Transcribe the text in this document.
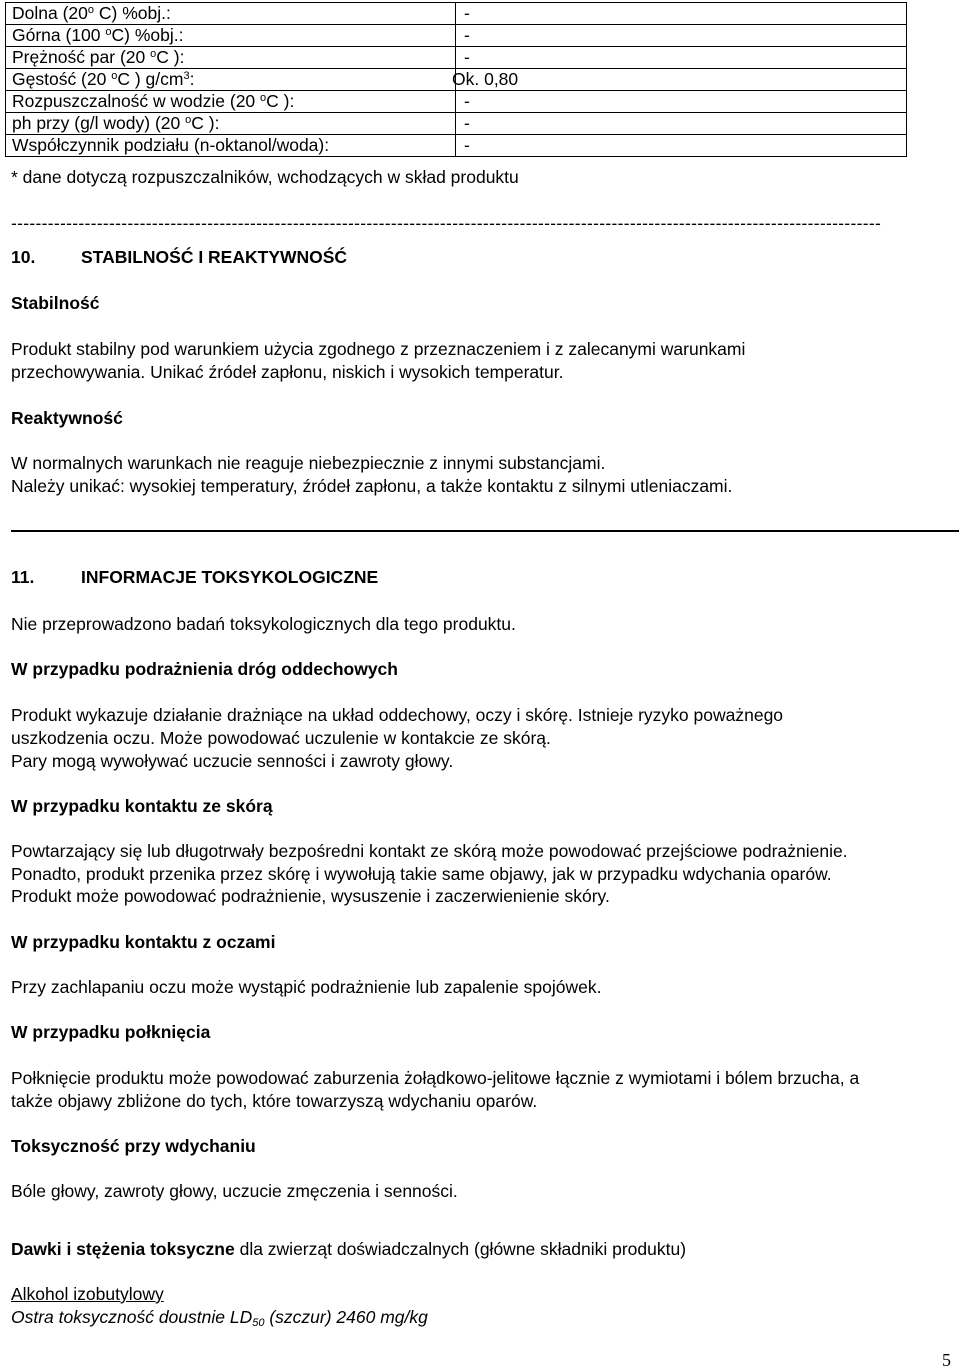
Dolna (20$^o$ C) %obj.:	-
Górna (100 $^o$C) %obj.:	-
Prężność par (20 $^o$C ):	-
Gęstość (20 $^o$C ) $g/cm^3$:	Ok. 0,80
Rozpuszczalność w wodzie (20 $^o$C ):	-
ph przy (g/l wody) (20 $^o$C ):	-
Współczynnik podziału (n-oktanol/woda):	-
* dane dotyczą rozpuszczalników, wchodzących w skład produktu
----------------------------------------------------------------------------------------------------------------------------------------------
10.	STABILNOŚĆ I REAKTYWNOŚĆ
Stabilność
Produkt stabilny pod warunkiem użycia zgodnego z przeznaczeniem i z zalecanymi warunkami
przechowywania. Unikać źródeł zapłonu, niskich i wysokich temperatur.
Reaktywność
W normalnych warunkach nie reaguje niebezpiecznie z innymi substancjami.
Należy unikać: wysokiej temperatury, źródeł zapłonu, a także kontaktu z silnymi utleniaczami.
11.	INFORMACJE TOKSYKOLOGICZNE
Nie przeprowadzono badań toksykologicznych dla tego produktu.
W przypadku podrażnienia dróg oddechowych
Produkt wykazuje działanie drażniące na układ oddechowy, oczy i skórę. Istnieje ryzyko poważnego
uszkodzenia oczu. Może powodować uczulenie w kontakcie ze skórą.
Pary mogą wywoływać uczucie senności i zawroty głowy.
W przypadku kontaktu ze skórą
Powtarzający się lub długotrwały bezpośredni kontakt ze skórą może powodować przejściowe podrażnienie.
Ponadto, produkt przenika przez skórę i wywołują takie same objawy, jak w przypadku wdychania oparów.
Produkt może powodować podrażnienie, wysuszenie i zaczerwienienie skóry.
W przypadku kontaktu z oczami
Przy zachlapaniu oczu może wystąpić podrażnienie lub zapalenie spojówek.
W przypadku połknięcia
Połknięcie produktu może powodować zaburzenia żołądkowo-jelitowe łącznie z wymiotami i bólem brzucha, a
także objawy zbliżone do tych, które towarzyszą wdychaniu oparów.
Toksyczność przy wdychaniu
Bóle głowy, zawroty głowy, uczucie zmęczenia i senności.
Dawki i stężenia toksyczne dla zwierząt doświadczalnych (główne składniki produktu)
Alkohol izobutylowy
Ostra toksyczność doustnie $LD_{50}$ (szczur) 2460 mg/kg
5
